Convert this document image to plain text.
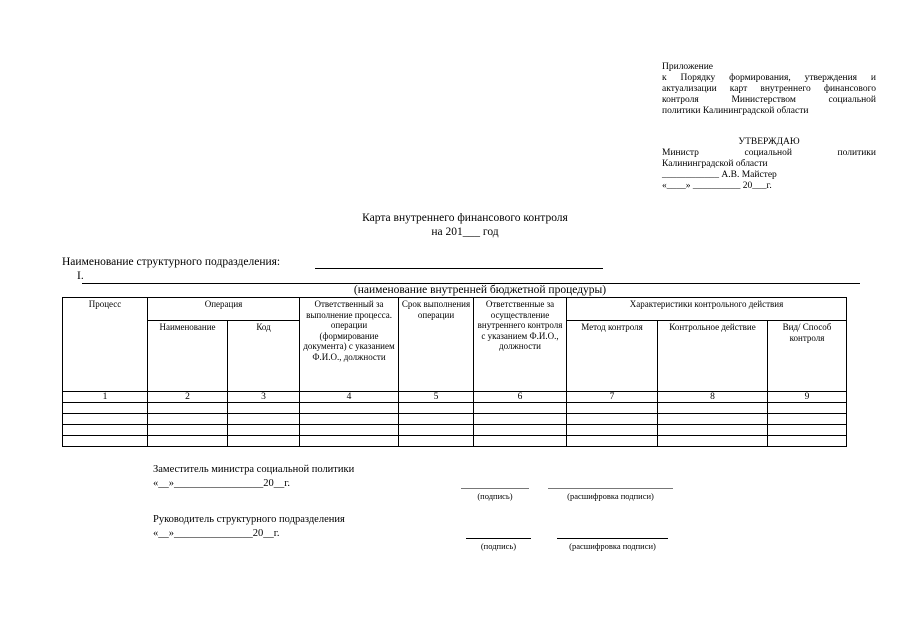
Приложение
к Порядку формирования, утверждения и
актуализации карт внутреннего финансового
контроля Министерством социальной
политики Калининградской области
УТВЕРЖДАЮ
Министр социальной политики
Калининградской области
____________ А.В. Майстер
«____» __________ 20___г.
Карта внутреннего финансового контроля
на 201___ год
Наименование структурного подразделения:
I.
(наименование внутренней бюджетной процедуры)
Процесс	Операция		Ответственный за выполнение процесса. операции (формирование документа) с указанием Ф.И.О., должности	Срок выполнения операции	Ответственные за осуществление внутреннего контроля с указанием Ф.И.О., должности	Характеристики контрольного действия		
	Наименование	Код				Метод контроля	Контрольное действие	Вид/ Способ контроля
1	2	3	4	5	6	7	8	9

Заместитель министра социальной политики
«__»_________________20__г.
(подпись)	(расшифровка подписи)
Руководитель структурного подразделения
«__»_______________20__г.
(подпись)	(расшифровка подписи)
